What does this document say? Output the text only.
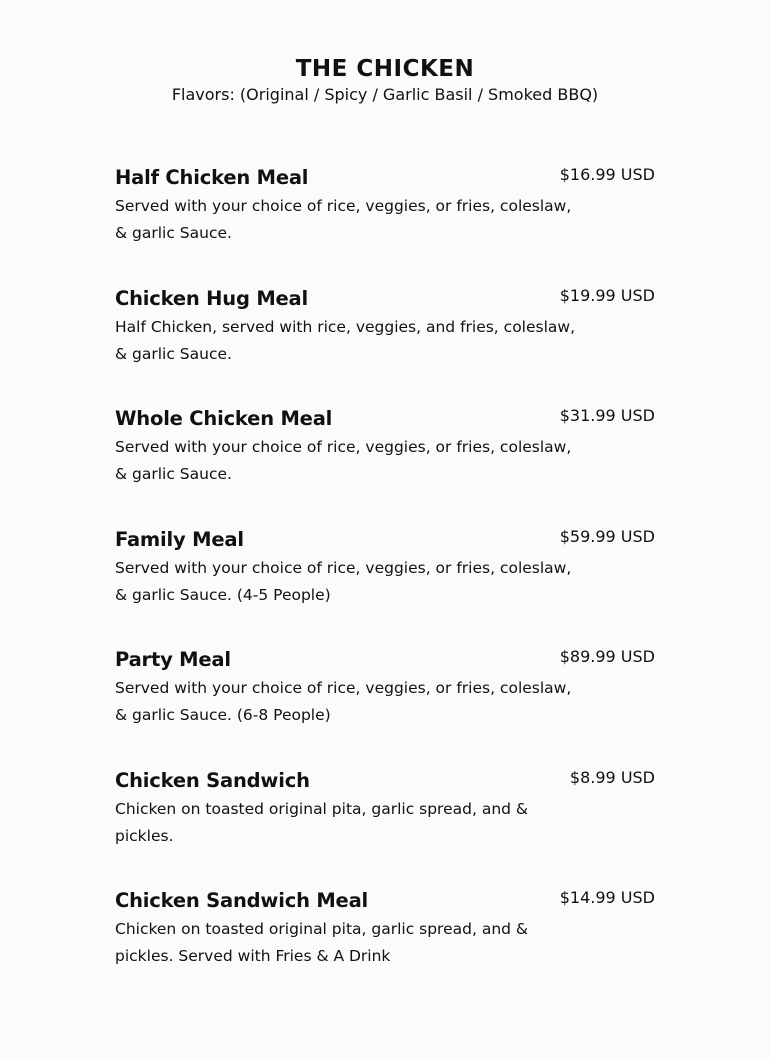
THE CHICKEN
Flavors: (Original / Spicy / Garlic Basil / Smoked BBQ)
Half Chicken Meal	$16.99 USD
Served with your choice of rice, veggies, or fries, coleslaw,
& garlic Sauce.
Chicken Hug Meal	$19.99 USD
Half Chicken, served with rice, veggies, and fries, coleslaw,
& garlic Sauce.
Whole Chicken Meal	$31.99 USD
Served with your choice of rice, veggies, or fries, coleslaw,
& garlic Sauce.
Family Meal	$59.99 USD
Served with your choice of rice, veggies, or fries, coleslaw,
& garlic Sauce. (4-5 People)
Party Meal	$89.99 USD
Served with your choice of rice, veggies, or fries, coleslaw,
& garlic Sauce. (6-8 People)
Chicken Sandwich	$8.99 USD
Chicken on toasted original pita, garlic spread, and &
pickles.
Chicken Sandwich Meal	$14.99 USD
Chicken on toasted original pita, garlic spread, and &
pickles. Served with Fries & A Drink
